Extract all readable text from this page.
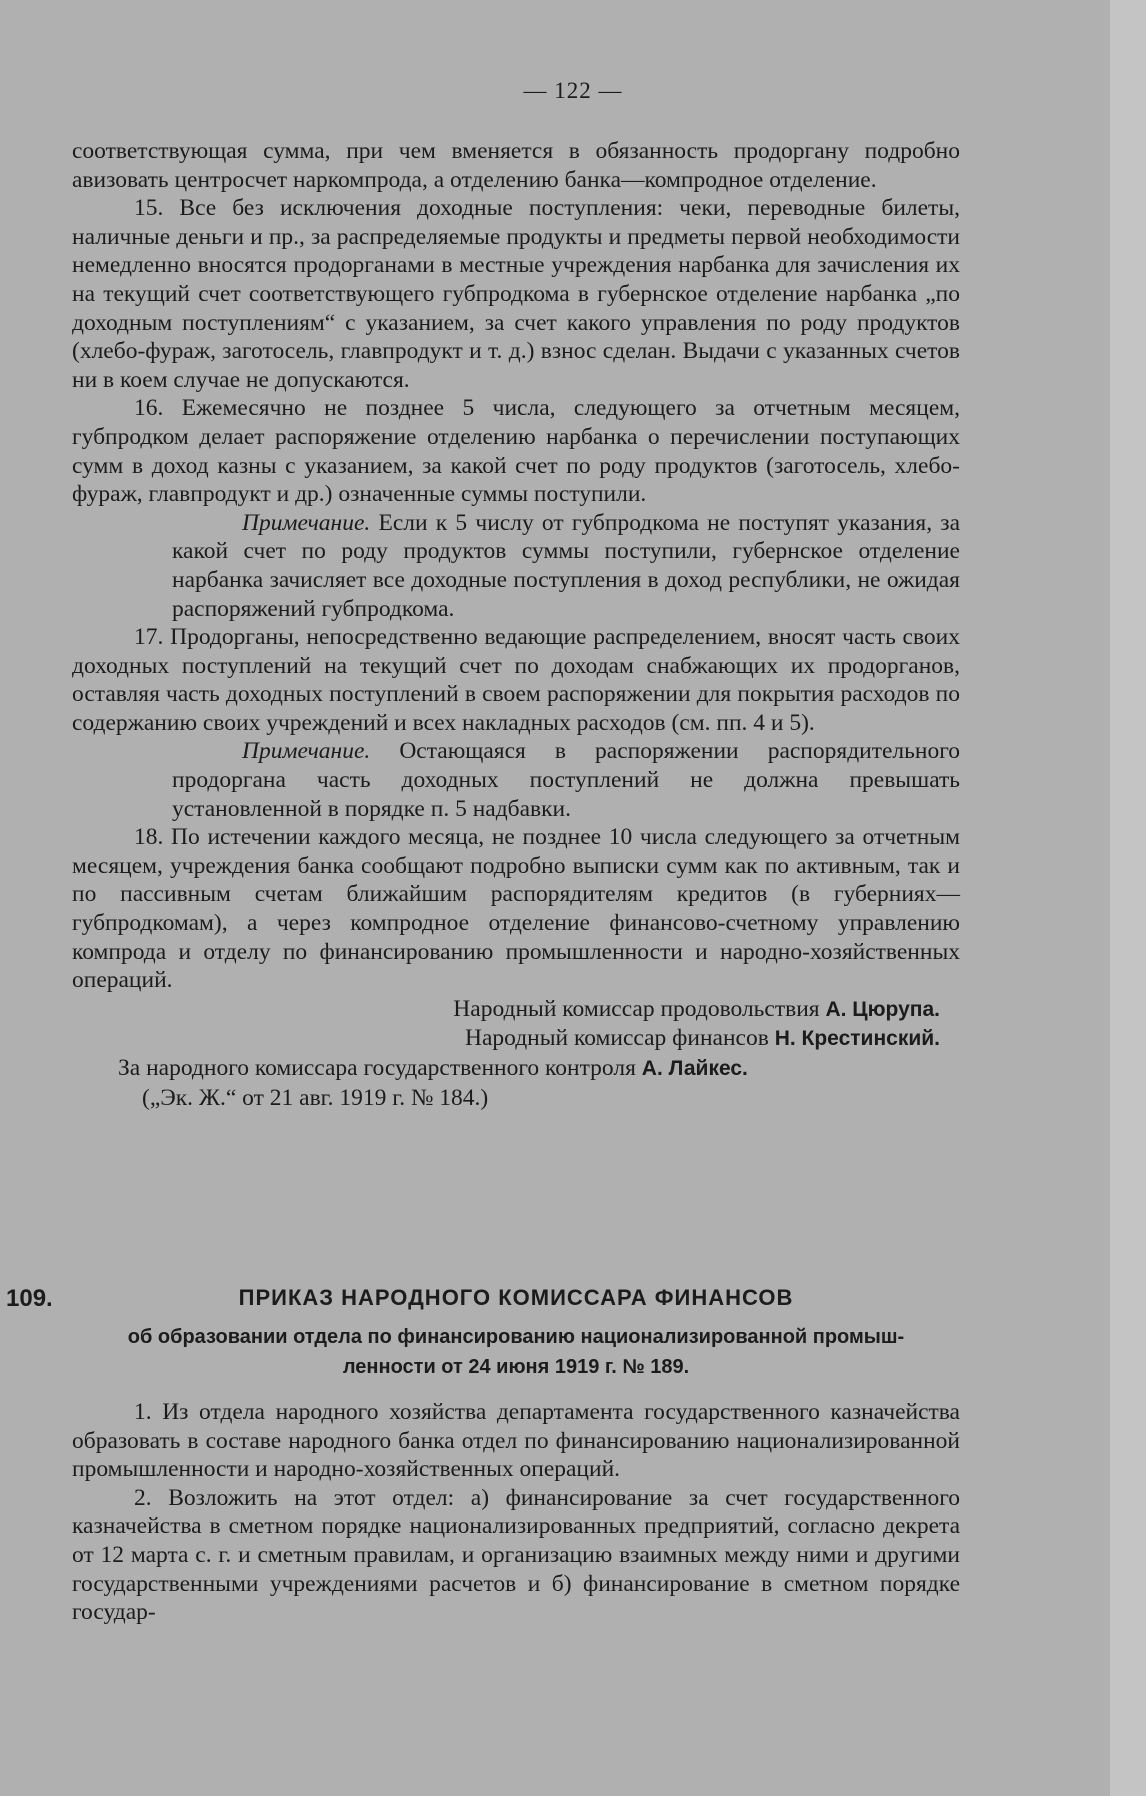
— 122 —

соответствующая сумма, при чем вменяется в обязанность продоргану подробно авизовать центросчет наркомпрода, а отделению банка—компродное отделение.

15. Все без исключения доходные поступления: чеки, переводные билеты, наличные деньги и пр., за распределяемые продукты и предметы первой необходимости немедленно вносятся продорганами в местные учреждения нарбанка для зачисления их на текущий счет соответствующего губпродкома в губернское отделение нарбанка „по доходным поступлениям“ с указанием, за счет какого управления по роду продуктов (хлебо-фураж, заготосель, главпродукт и т. д.) взнос сделан. Выдачи с указанных счетов ни в коем случае не допускаются.

16. Ежемесячно не позднее 5 числа, следующего за отчетным месяцем, губпродком делает распоряжение отделению нарбанка о перечислении поступающих сумм в доход казны с указанием, за какой счет по роду продуктов (заготосель, хлебо-фураж, главпродукт и др.) означенные суммы поступили.

Примечание. Если к 5 числу от губпродкома не поступят указания, за какой счет по роду продуктов суммы поступили, губернское отделение нарбанка зачисляет все доходные поступления в доход республики, не ожидая распоряжений губпродкома.

17. Продорганы, непосредственно ведающие распределением, вносят часть своих доходных поступлений на текущий счет по доходам снабжающих их продорганов, оставляя часть доходных поступлений в своем распоряжении для покрытия расходов по содержанию своих учреждений и всех накладных расходов (см. пп. 4 и 5).

Примечание. Остающаяся в распоряжении распорядительного продоргана часть доходных поступлений не должна превышать установленной в порядке п. 5 надбавки.

18. По истечении каждого месяца, не позднее 10 числа следующего за отчетным месяцем, учреждения банка сообщают подробно выписки сумм как по активным, так и по пассивным счетам ближайшим распорядителям кредитов (в губерниях—губпродкомам), а через компродное отделение финансово-счетному управлению компрода и отделу по финансированию промышленности и народно-хозяйственных операций.

Народный комиссар продовольствия А. Цюрупа.

Народный комиссар финансов Н. Крестинский.

За народного комиссара государственного контроля А. Лайкес.

(„Эк. Ж.“ от 21 авг. 1919 г. № 184.)

109.	ПРИКАЗ НАРОДНОГО КОМИССАРА ФИНАНСОВ
об образовании отдела по финансированию национализированной промыш-
ленности от 24 июня 1919 г. № 189.

1. Из отдела народного хозяйства департамента государственного казначейства образовать в составе народного банка отдел по финансированию национализированной промышленности и народно-хозяйственных операций.

2. Возложить на этот отдел: а) финансирование за счет государственного казначейства в сметном порядке национализированных предприятий, согласно декрета от 12 марта с. г. и сметным правилам, и организацию взаимных между ними и другими государственными учреждениями расчетов и б) финансирование в сметном порядке государ-
